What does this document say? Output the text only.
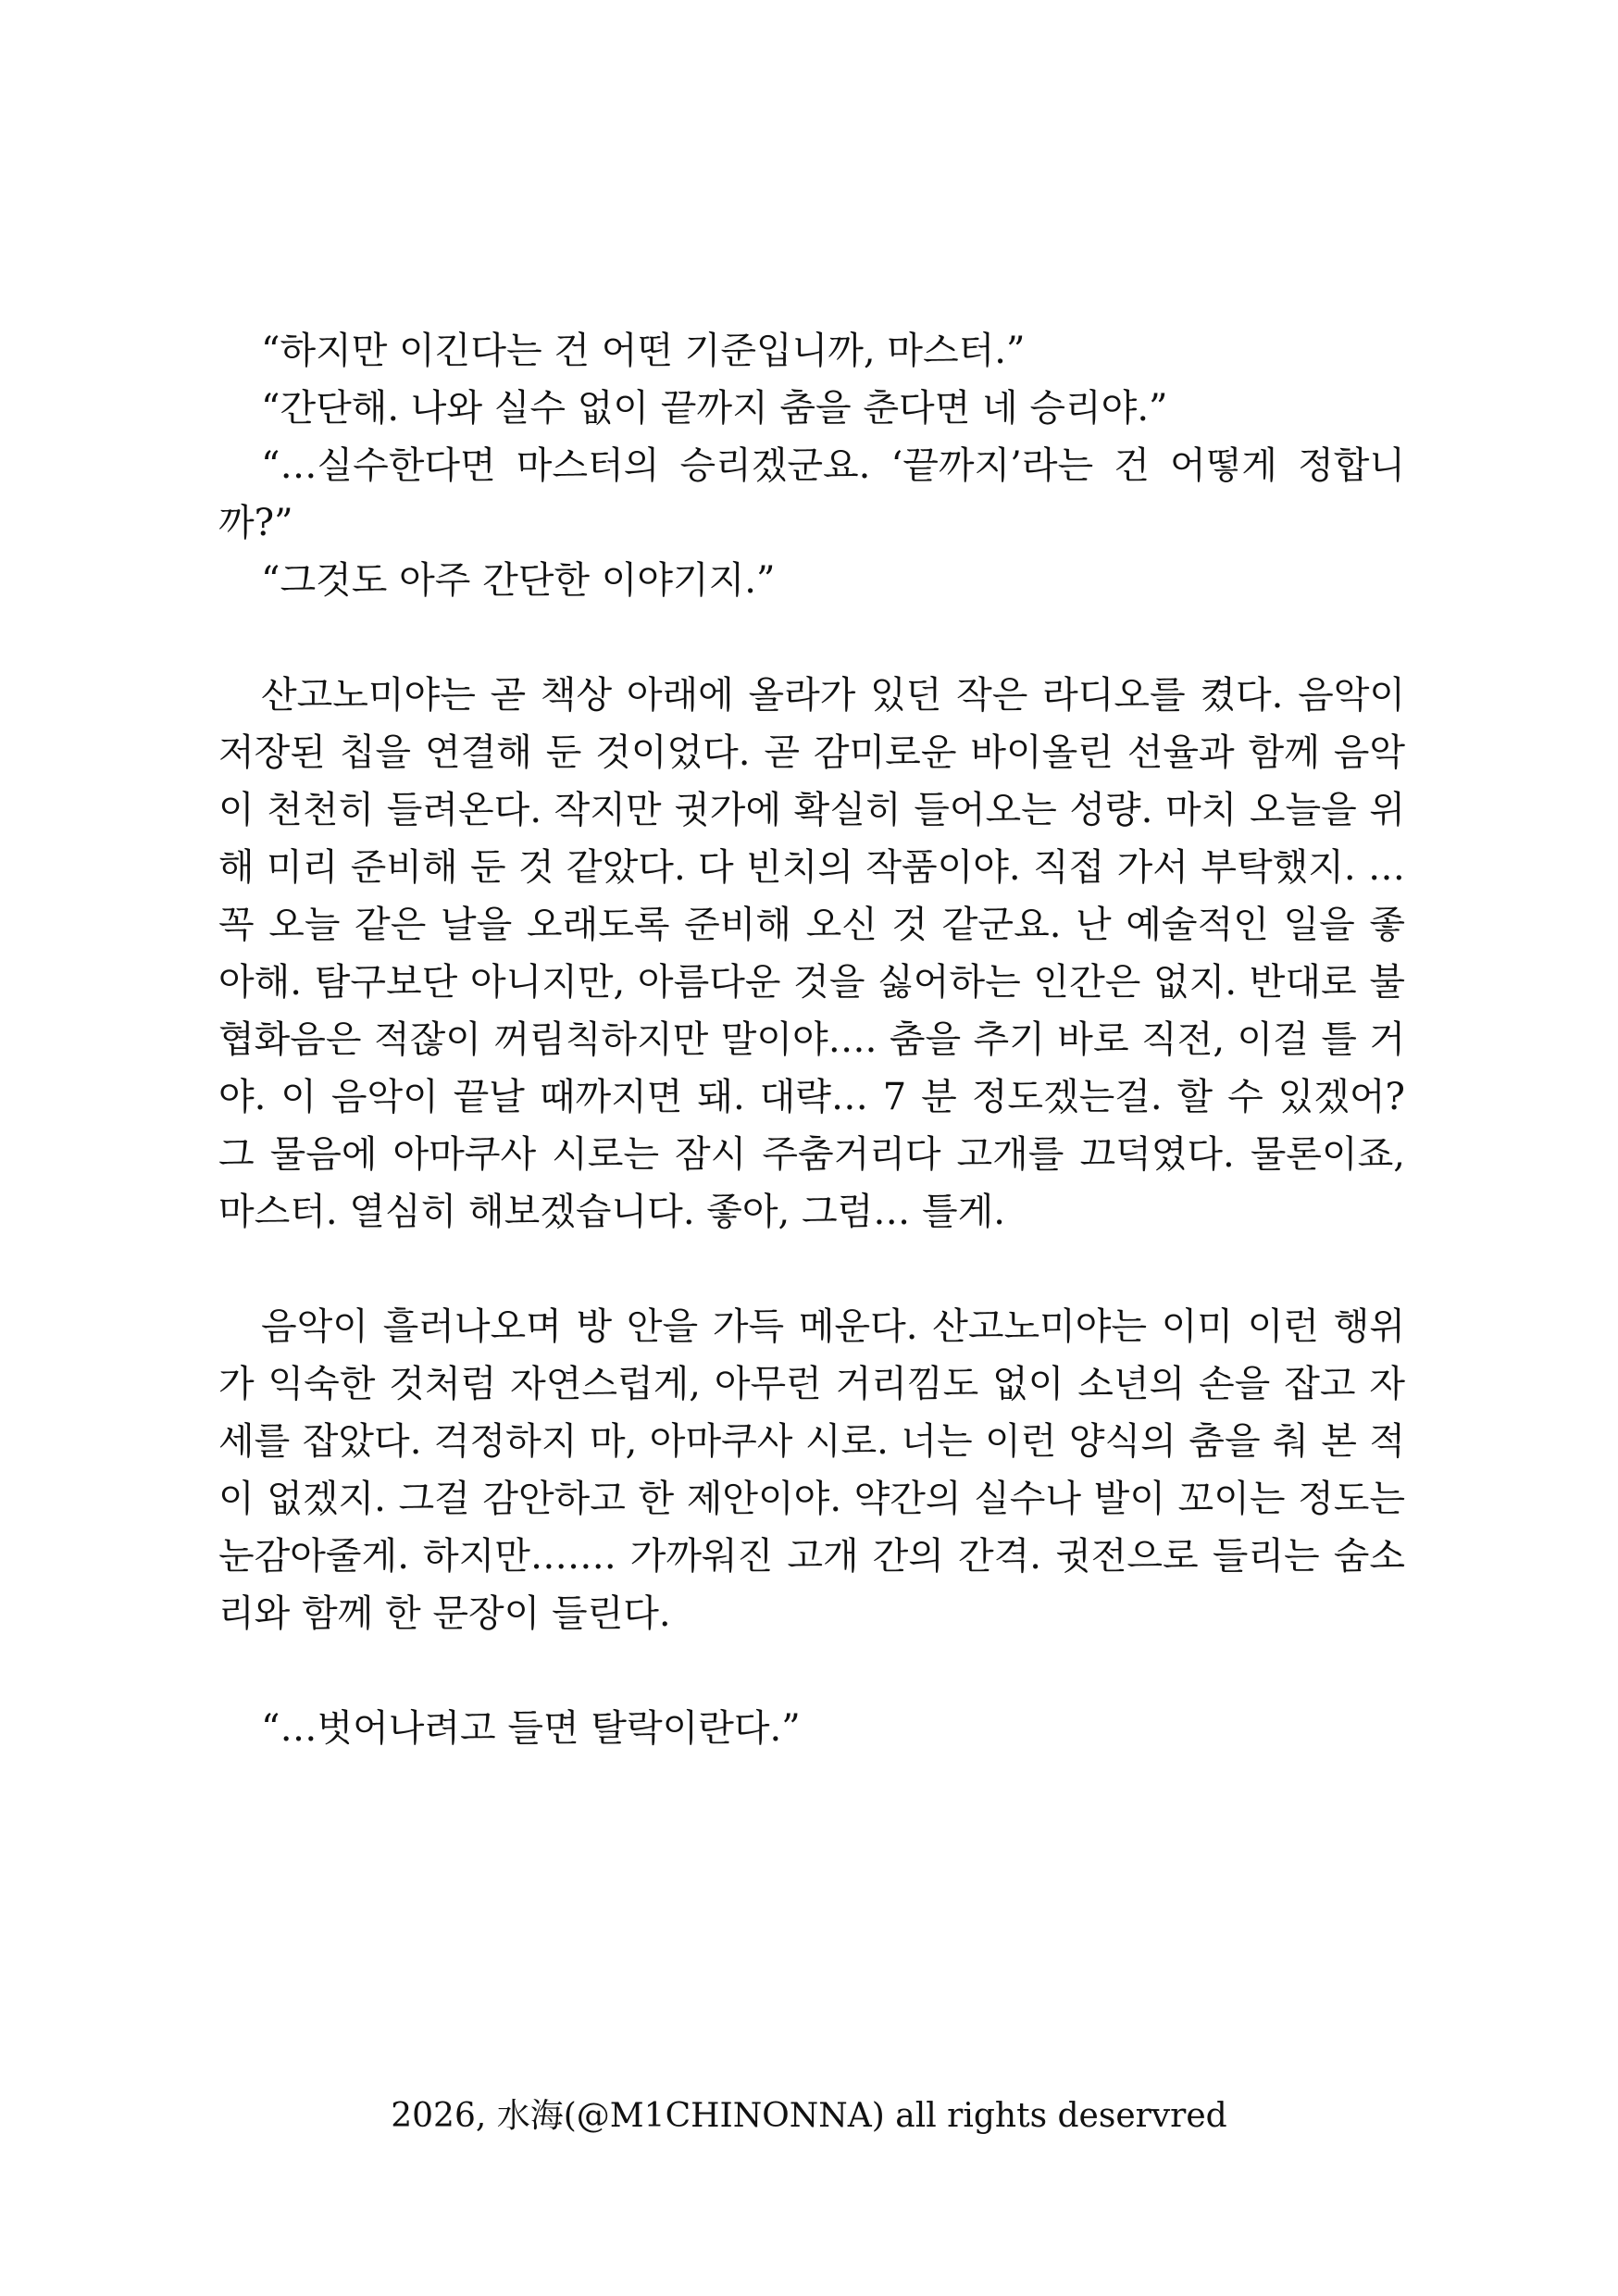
“하지만 이긴다는 건 어떤 기준입니까, 마스터.”

“간단해. 나와 실수 없이 끝까지 춤을 춘다면 네 승리야.”

“…실수한다면 마스터의 승리겠군요. ‘끝까지’라는 건 어떻게 정합니까?”

“그것도 아주 간단한 이야기지.”

산고노미야는 곧 책상 아래에 올라가 있던 작은 라디오를 켰다. 음악이 저장된 칩을 연결해 둔 것이었다. 곧 감미로운 바이올린 선율과 함께 음악이 천천히 들려온다. 작지만 귓가에 확실히 들어오는 성량. 마치 오늘을 위해 미리 준비해 둔 것 같았다. 다 빈치의 작품이야. 직접 가서 부탁했지. …꼭 오늘 같은 날을 오래도록 준비해 오신 것 같군요. 난 예술적인 일을 좋아해. 탐구보단 아니지만, 아름다운 것을 싫어하는 인간은 없지. 반대로 불협화음은 적잖이 꺼림칙하지만 말이야…. 춤을 추기 바로 직전, 이걸 틀 거야. 이 음악이 끝날 때까지면 돼. 대략… 7 분 정도겠는걸. 할 수 있겠어? 그 물음에 아마쿠사 시로는 잠시 주춤거리다 고개를 끄덕였다. 물론이죠, 마스터. 열심히 해보겠습니다. 좋아, 그럼… 틀게.

음악이 흘러나오며 방 안을 가득 메운다. 산고노미야는 이미 이런 행위가 익숙한 것처럼 자연스럽게, 아무런 거리낌도 없이 소년의 손을 잡고 자세를 잡았다. 걱정하지 마, 아마쿠사 시로. 너는 이런 양식의 춤을 춰 본 적이 없겠지. 그걸 감안하고 한 제안이야. 약간의 실수나 발이 꼬이는 정도는 눈감아줄게. 하지만……. 가까워진 고개 간의 간격. 귓전으로 들리는 숨소리와 함께 한 문장이 들린다.

“…벗어나려고 들면 탈락이란다.”

2026, 水海(@M1CHINONNA) all rights deservred
